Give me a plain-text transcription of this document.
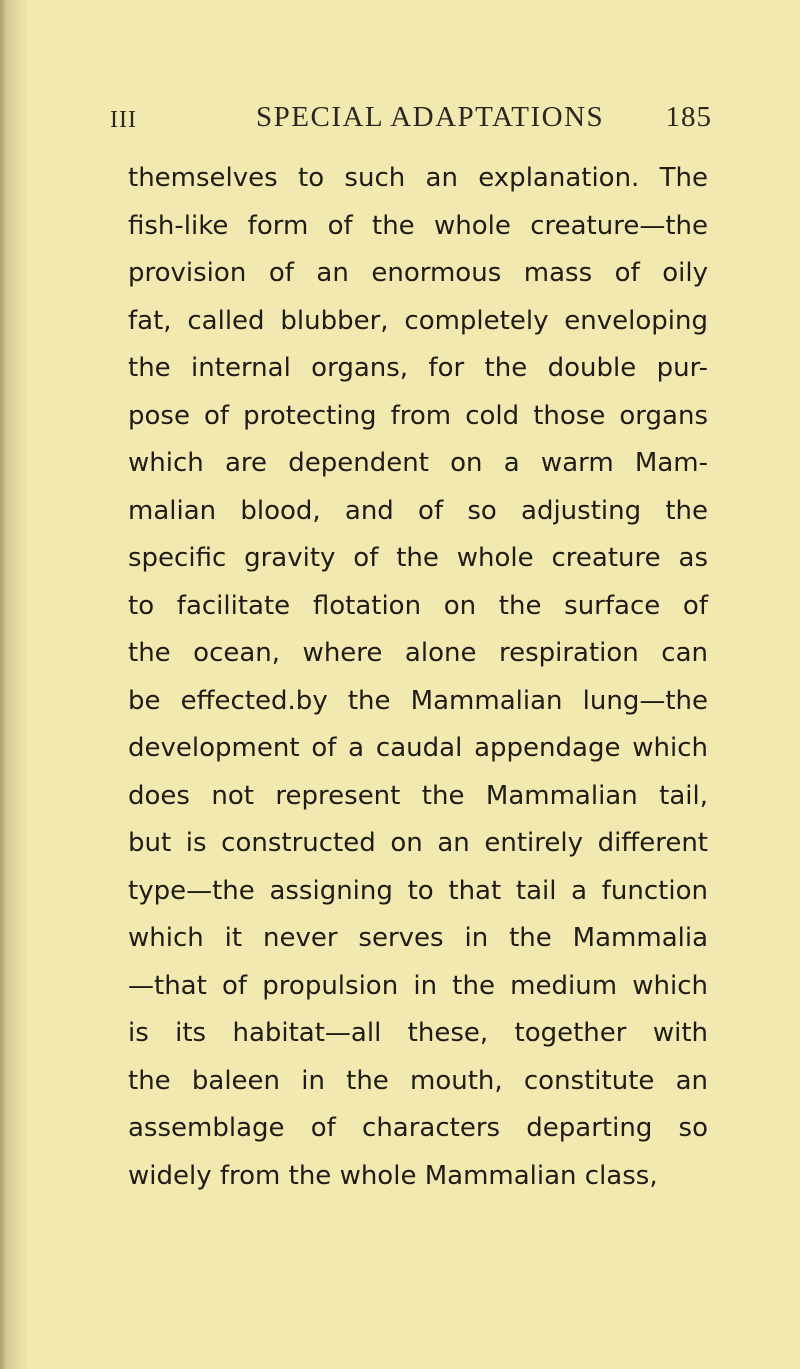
III	SPECIAL ADAPTATIONS 185
themselves to such an explanation. The
fish-like form of the whole creature—the
provision of an enormous mass of oily
fat, called blubber, completely enveloping
the internal organs, for the double pur-
pose of protecting from cold those organs
which are dependent on a warm Mam-
malian blood, and of so adjusting the
specific gravity of the whole creature as
to facilitate flotation on the surface of
the ocean, where alone respiration can
be effected.by the Mammalian lung—the
development of a caudal appendage which
does not represent the Mammalian tail,
but is constructed on an entirely different
type—the assigning to that tail a function
which it never serves in the Mammalia
—that of propulsion in the medium which
is its habitat—all these, together with
the baleen in the mouth, constitute an
assemblage of characters departing so
widely from the whole Mammalian class,
